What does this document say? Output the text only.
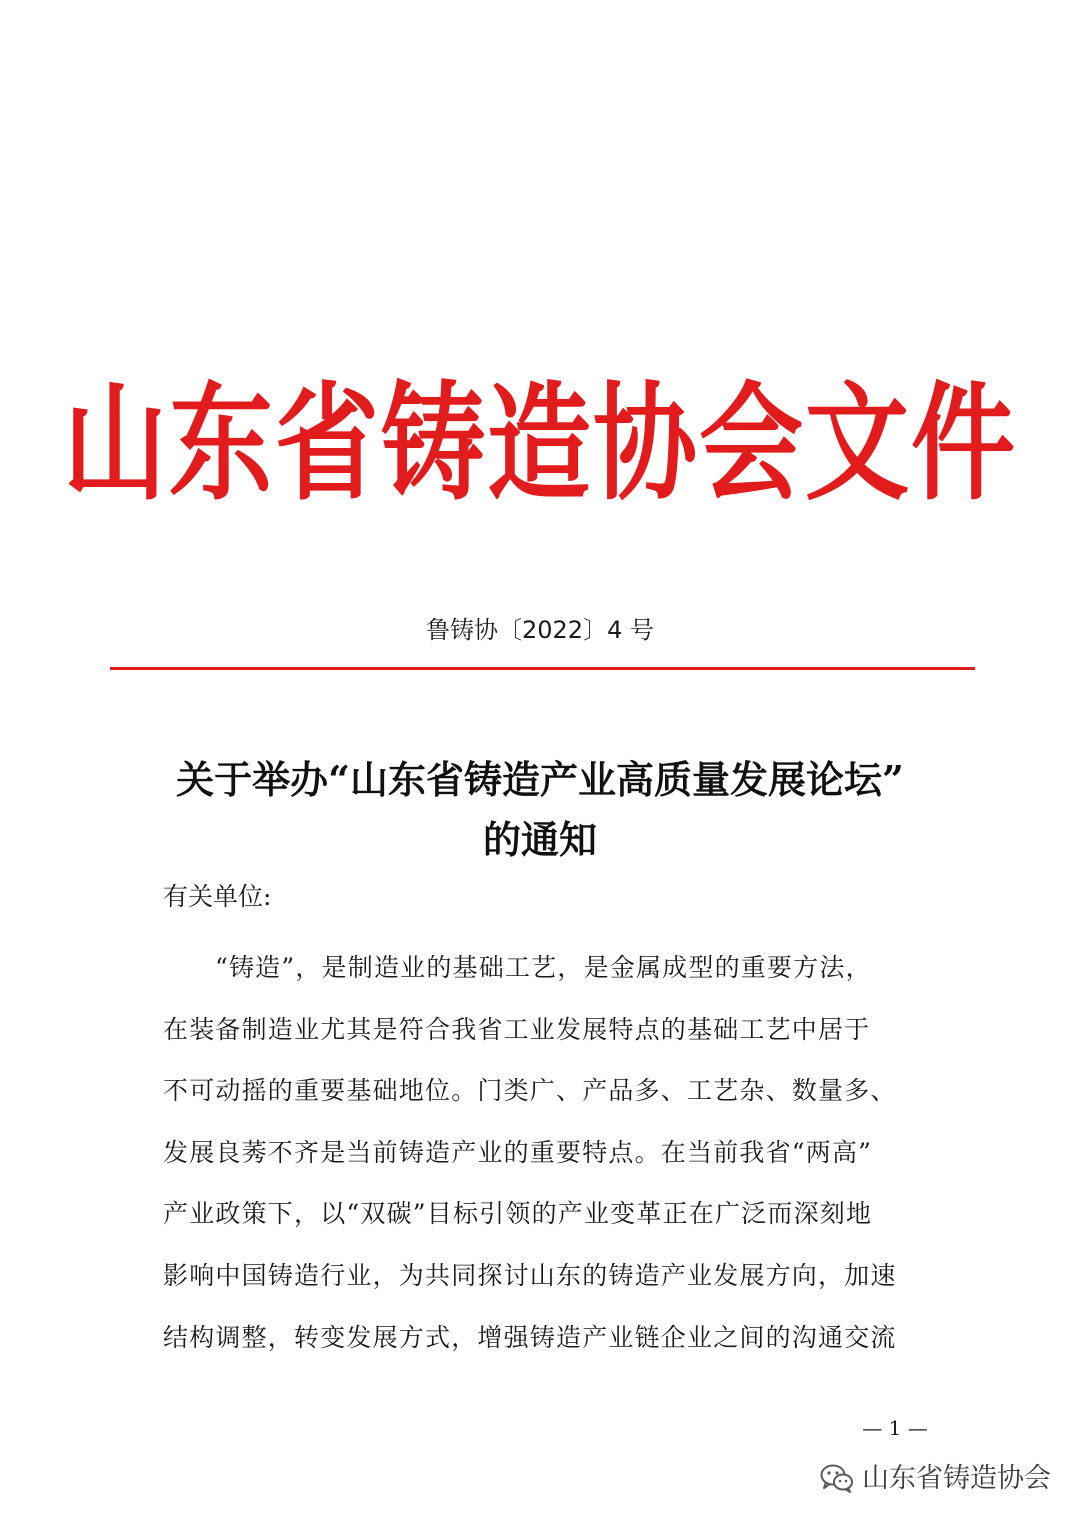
山东省铸造协会文件
鲁铸协〔2022〕4 号
关于举办“山东省铸造产业高质量发展论坛”
的通知
有关单位:
“铸造”，是制造业的基础工艺，是金属成型的重要方法，
在装备制造业尤其是符合我省工业发展特点的基础工艺中居于
不可动摇的重要基础地位。门类广、产品多、工艺杂、数量多、
发展良莠不齐是当前铸造产业的重要特点。在当前我省“两高”
产业政策下，以“双碳”目标引领的产业变革正在广泛而深刻地
影响中国铸造行业，为共同探讨山东的铸造产业发展方向，加速
结构调整，转变发展方式，增强铸造产业链企业之间的沟通交流
— 1 —
山东省铸造协会
